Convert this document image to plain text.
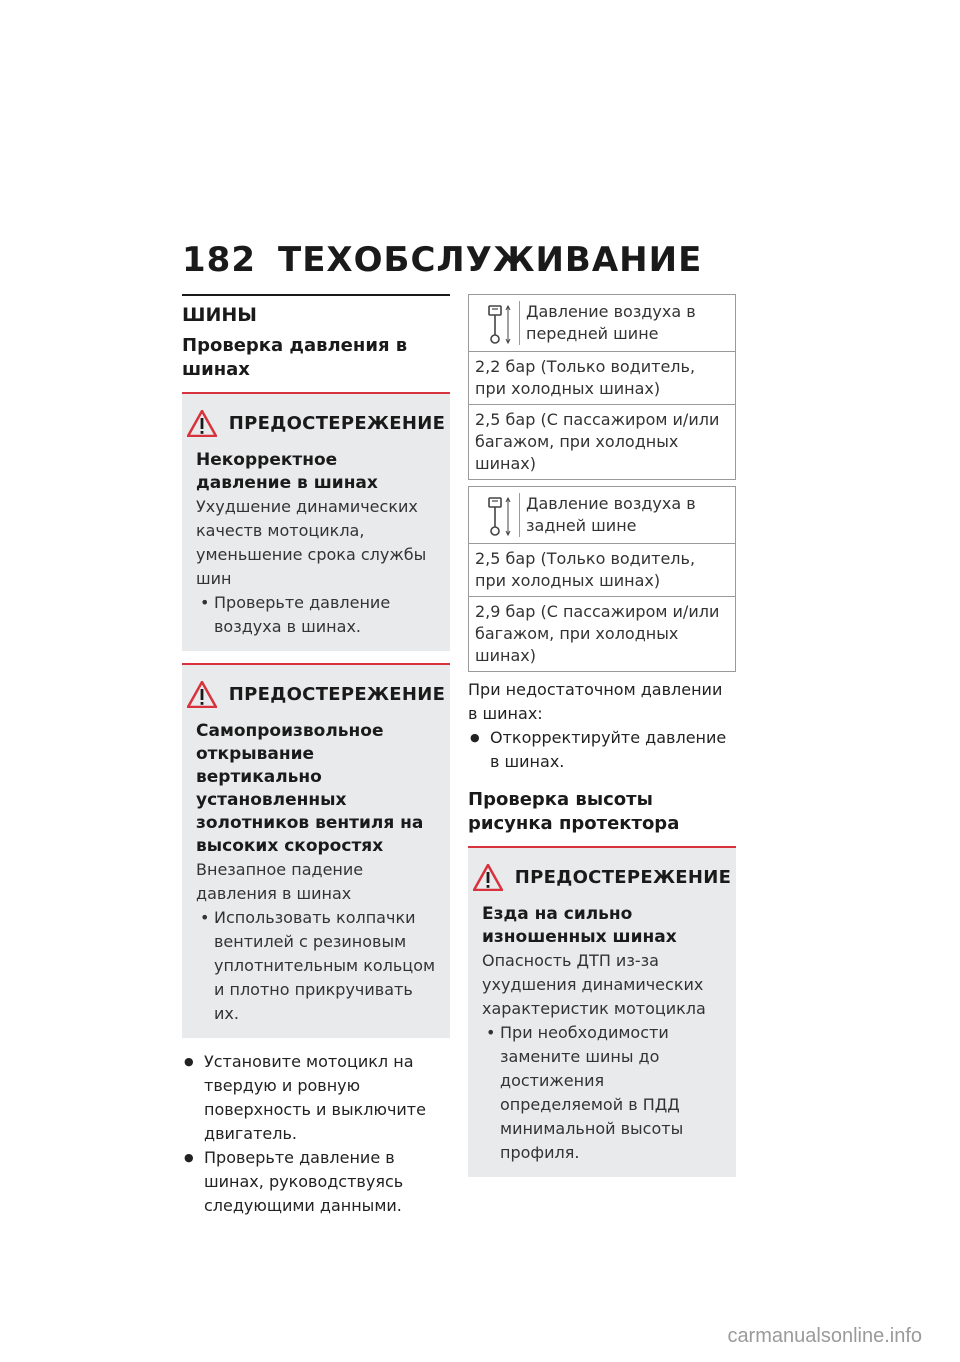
182 ТЕХОБСЛУЖИВАНИЕ
ШИНЫ
Проверка давления в шинах
ПРЕДОСТЕРЕЖЕНИЕ
Некорректное давление в шинах
Ухудшение динамических качеств мотоцикла, уменьшение срока службы шин
• Проверьте давление воздуха в шинах.
ПРЕДОСТЕРЕЖЕНИЕ
Самопроизвольное открывание вертикально установленных золотников вентиля на высоких скоростях
Внезапное падение давления в шинах
• Использовать колпачки вентилей с резиновым уплотнительным кольцом и плотно прикручивать их.
● Установите мотоцикл на твердую и ровную поверхность и выключите двигатель.
● Проверьте давление в шинах, руководствуясь следующими данными.
Давление воздуха в передней шине
2,2 бар (Только водитель, при холодных шинах)
2,5 бар (С пассажиром и/или багажом, при холодных шинах)
Давление воздуха в задней шине
2,5 бар (Только водитель, при холодных шинах)
2,9 бар (С пассажиром и/или багажом, при холодных шинах)
При недостаточном давлении в шинах:
● Откорректируйте давление в шинах.
Проверка высоты рисунка протектора
ПРЕДОСТЕРЕЖЕНИЕ
Езда на сильно изношенных шинах
Опасность ДТП из-за ухудшения динамических характеристик мотоцикла
• При необходимости замените шины до достижения определяемой в ПДД минимальной высоты профиля.
carmanualsonline.info
